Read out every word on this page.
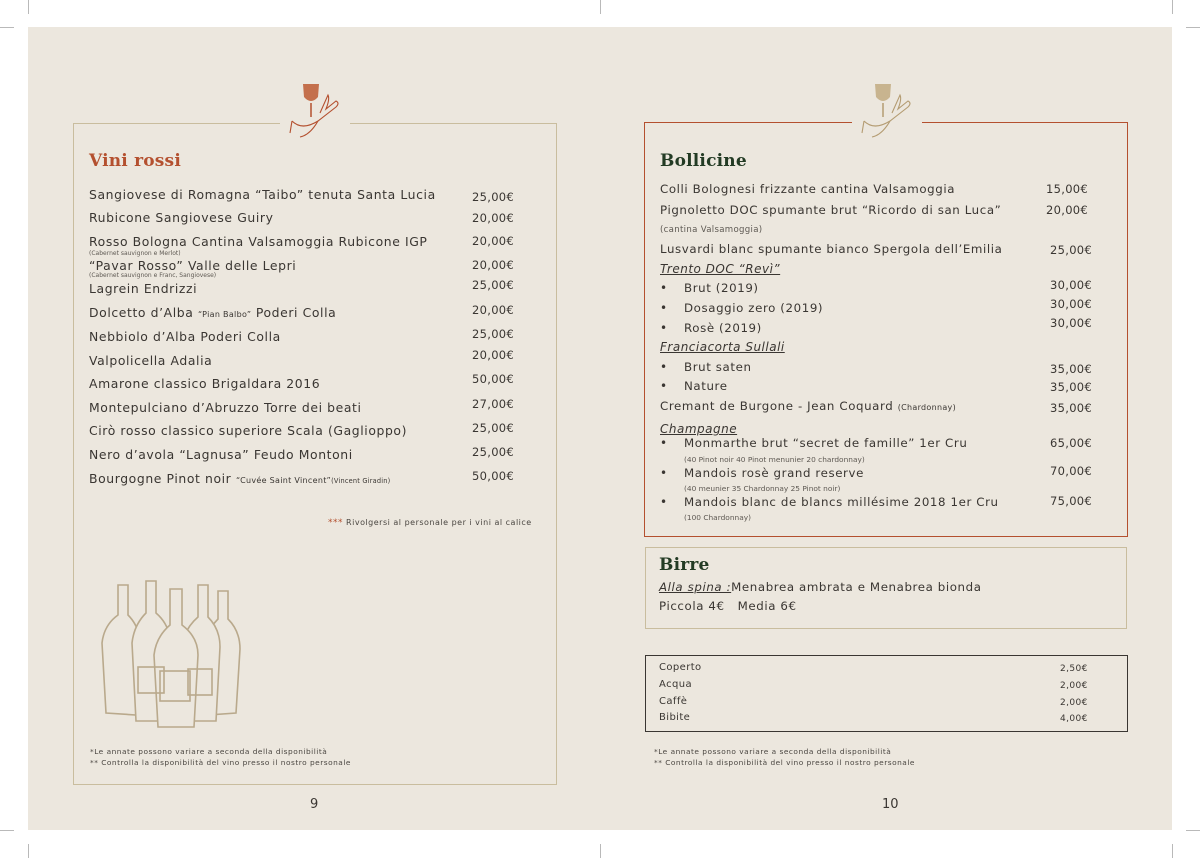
Vini rossi
Sangiovese di Romagna “Taibo” tenuta Santa Lucia	25,00€
Rubicone Sangiovese Guiry	20,00€
Rosso Bologna Cantina Valsamoggia Rubicone IGP	20,00€
(Cabernet sauvignon e Merlot)
“Pavar Rosso” Valle delle Lepri	20,00€
(Cabernet sauvignon e Franc, Sangiovese)
Lagrein Endrizzi	25,00€
Dolcetto d’Alba “Pian Balbo” Poderi Colla	20,00€
Nebbiolo d’Alba Poderi Colla	25,00€
Valpolicella Adalia	20,00€
Amarone classico Brigaldara 2016	50,00€
Montepulciano d’Abruzzo Torre dei beati	27,00€
Cirò rosso classico superiore Scala (Gaglioppo)	25,00€
Nero d’avola “Lagnusa” Feudo Montoni	25,00€
Bourgogne Pinot noir “Cuvée Saint Vincent”(Vincent Giradin)	50,00€
*** Rivolgersi al personale per i vini al calice
*Le annate possono variare a seconda della disponibilità
** Controlla la disponibilità del vino presso il nostro personale
9
Bollicine
Colli Bolognesi frizzante cantina Valsamoggia	15,00€
Pignoletto DOC spumante brut “Ricordo di san Luca”	20,00€
(cantina Valsamoggia)
Lusvardi blanc spumante bianco Spergola dell’Emilia	25,00€
Trento DOC “Revì”
• Brut (2019)	30,00€
• Dosaggio zero (2019)	30,00€
• Rosè (2019)	30,00€
Franciacorta Sullali
• Brut saten	35,00€
• Nature	35,00€
Cremant de Burgone - Jean Coquard (Chardonnay)	35,00€
Champagne
• Monmarthe brut “secret de famille” 1er Cru	65,00€
(40 Pinot noir 40 Pinot menunier 20 chardonnay)
• Mandois rosè grand reserve	70,00€
(40 meunier 35 Chardonnay 25 Pinot noir)
• Mandois blanc de blancs millésime 2018 1er Cru	75,00€
(100 Chardonnay)
Birre
Alla spina :Menabrea ambrata e Menabrea bionda
Piccola 4€   Media 6€
Coperto	2,50€
Acqua	2,00€
Caffè	2,00€
Bibite	4,00€
*Le annate possono variare a seconda della disponibilità
** Controlla la disponibilità del vino presso il nostro personale
10
